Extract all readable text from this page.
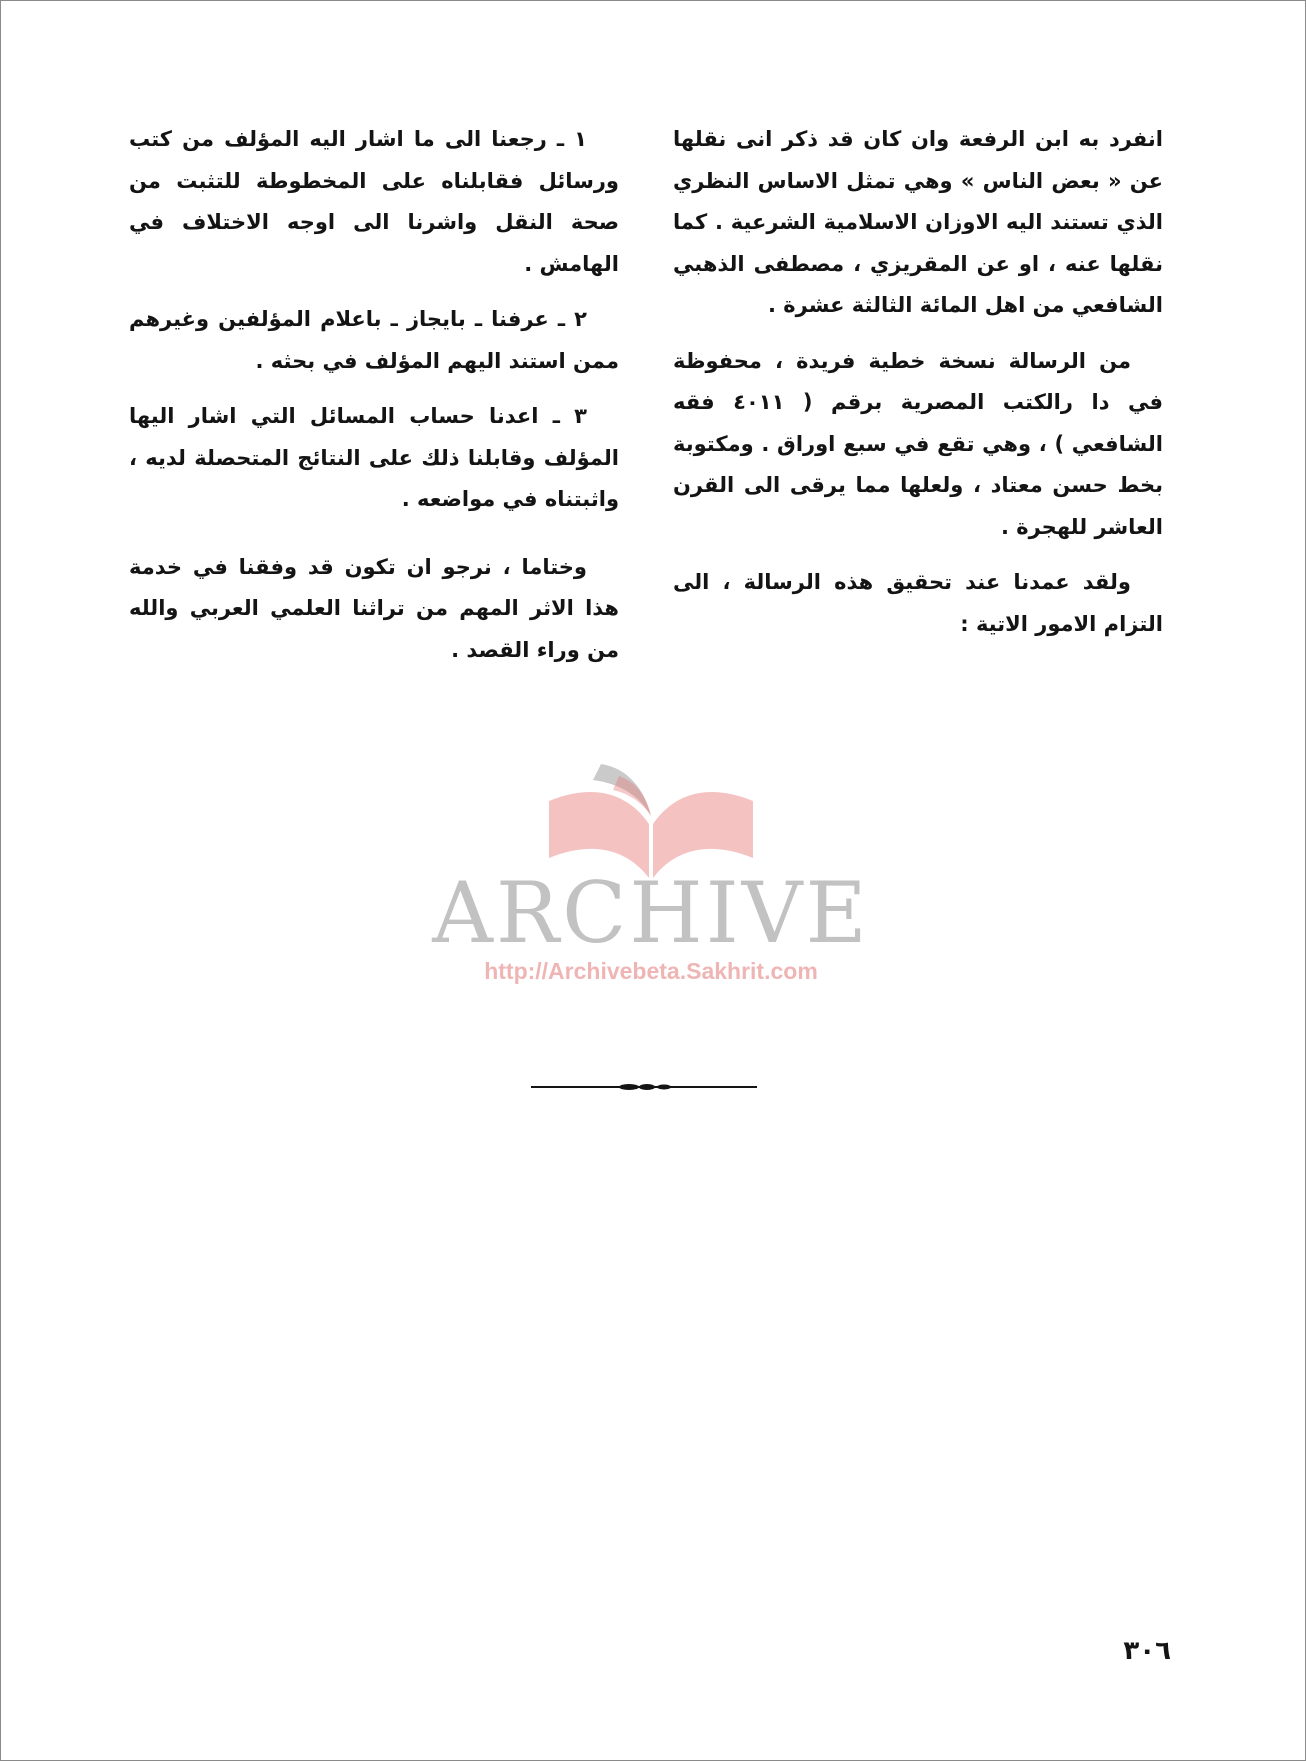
انفرد به ابن الرفعة وان كان قد ذكر انى نقلها عن « بعض الناس » وهي تمثل الاساس النظري الذي تستند اليه الاوزان الاسلامية الشرعية . كما نقلها عنه ، او عن المقريزي ، مصطفى الذهبي الشافعي من اهل المائة الثالثة عشرة .

من الرسالة نسخة خطية فريدة ، محفوظة في دا رالكتب المصرية برقم ( ٤٠١١ فقه الشافعي ) ، وهي تقع في سبع اوراق . ومكتوبة بخط حسن معتاد ، ولعلها مما يرقى الى القرن العاشر للهجرة .

ولقد عمدنا عند تحقيق هذه الرسالة ، الى التزام الامور الاتية :

١ ـ رجعنا الى ما اشار اليه المؤلف من كتب ورسائل فقابلناه على المخطوطة للتثبت من صحة النقل واشرنا الى اوجه الاختلاف في الهامش .

٢ ـ عرفنا ـ بايجاز ـ باعلام المؤلفين وغيرهم ممن استند اليهم المؤلف في بحثه .

٣ ـ اعدنا حساب المسائل التي اشار اليها المؤلف وقابلنا ذلك على النتائج المتحصلة لديه ، واثبتناه في مواضعه .

وختاما ، نرجو ان تكون قد وفقنا في خدمة هذا الاثر المهم من تراثنا العلمي العربي والله من وراء القصد .

ARCHIVE
http://Archivebeta.Sakhrit.com
٣٠٦
